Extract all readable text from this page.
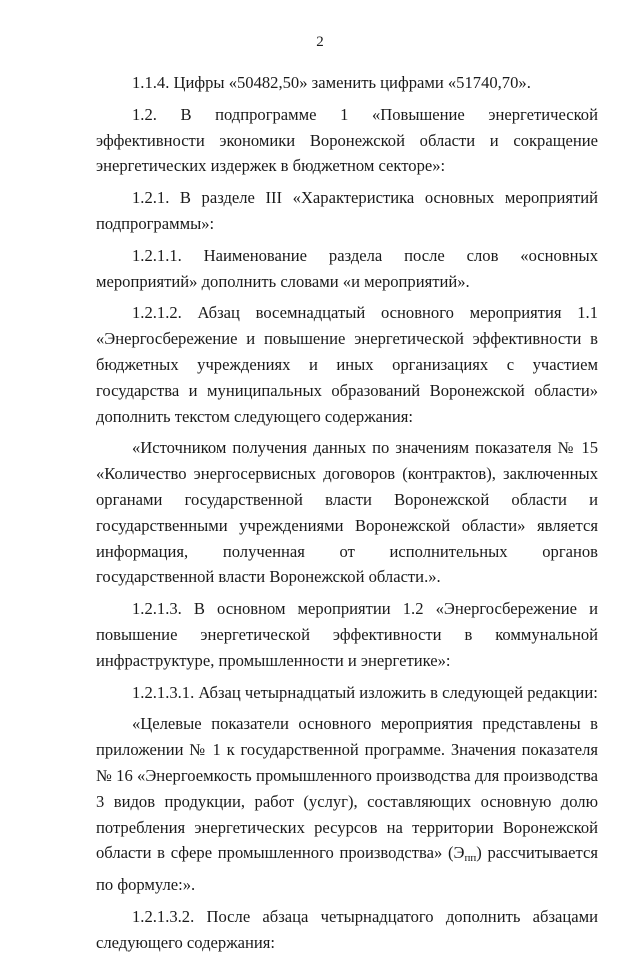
2

1.1.4. Цифры «50482,50» заменить цифрами «51740,70».

1.2. В подпрограмме 1 «Повышение энергетической эффективности экономики Воронежской области и сокращение энергетических издержек в бюджетном секторе»:

1.2.1. В разделе III «Характеристика основных мероприятий подпрограммы»:

1.2.1.1. Наименование раздела после слов «основных мероприятий» дополнить словами «и мероприятий».

1.2.1.2. Абзац восемнадцатый основного мероприятия 1.1 «Энергосбережение и повышение энергетической эффективности в бюджетных учреждениях и иных организациях с участием государства и муниципальных образований Воронежской области» дополнить текстом следующего содержания:

«Источником получения данных по значениям показателя № 15 «Количество энергосервисных договоров (контрактов), заключенных органами государственной власти Воронежской области и государственными учреждениями Воронежской области» является информация, полученная от исполнительных органов государственной власти Воронежской области.».

1.2.1.3. В основном мероприятии 1.2 «Энергосбережение и повышение энергетической эффективности в коммунальной инфраструктуре, промышленности и энергетике»:

1.2.1.3.1. Абзац четырнадцатый изложить в следующей редакции:

«Целевые показатели основного мероприятия представлены в приложении № 1 к государственной программе. Значения показателя № 16 «Энергоемкость промышленного производства для производства 3 видов продукции, работ (услуг), составляющих основную долю потребления энергетических ресурсов на территории Воронежской области в сфере промышленного производства» (Эпп) рассчитывается по формуле:».

1.2.1.3.2. После абзаца четырнадцатого дополнить абзацами следующего содержания:
